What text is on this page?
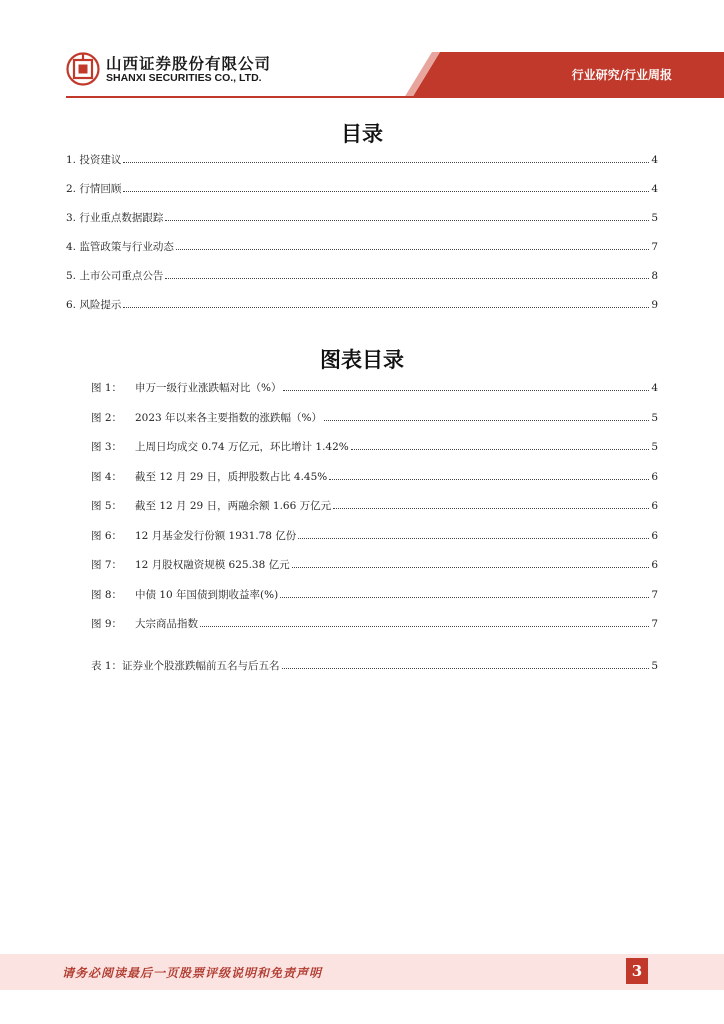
山西证券股份有限公司
SHANXI SECURITIES CO., LTD.	行业研究/行业周报
目录
1. 投资建议	4
2. 行情回顾	4
3. 行业重点数据跟踪	5
4. 监管政策与行业动态	7
5. 上市公司重点公告	8
6. 风险提示	9
图表目录
图 1：	申万一级行业涨跌幅对比（%）	4
图 2：	2023 年以来各主要指数的涨跌幅（%）	5
图 3：	上周日均成交 0.74 万亿元，环比增计 1.42%	5
图 4：	截至 12 月 29 日，质押股数占比 4.45%	6
图 5：	截至 12 月 29 日，两融余额 1.66 万亿元	6
图 6：	12 月基金发行份额 1931.78 亿份	6
图 7：	12 月股权融资规模 625.38 亿元	6
图 8：	中债 10 年国债到期收益率(%)	7
图 9：	大宗商品指数	7
表 1：证券业个股涨跌幅前五名与后五名	5
请务必阅读最后一页股票评级说明和免责声明	3
